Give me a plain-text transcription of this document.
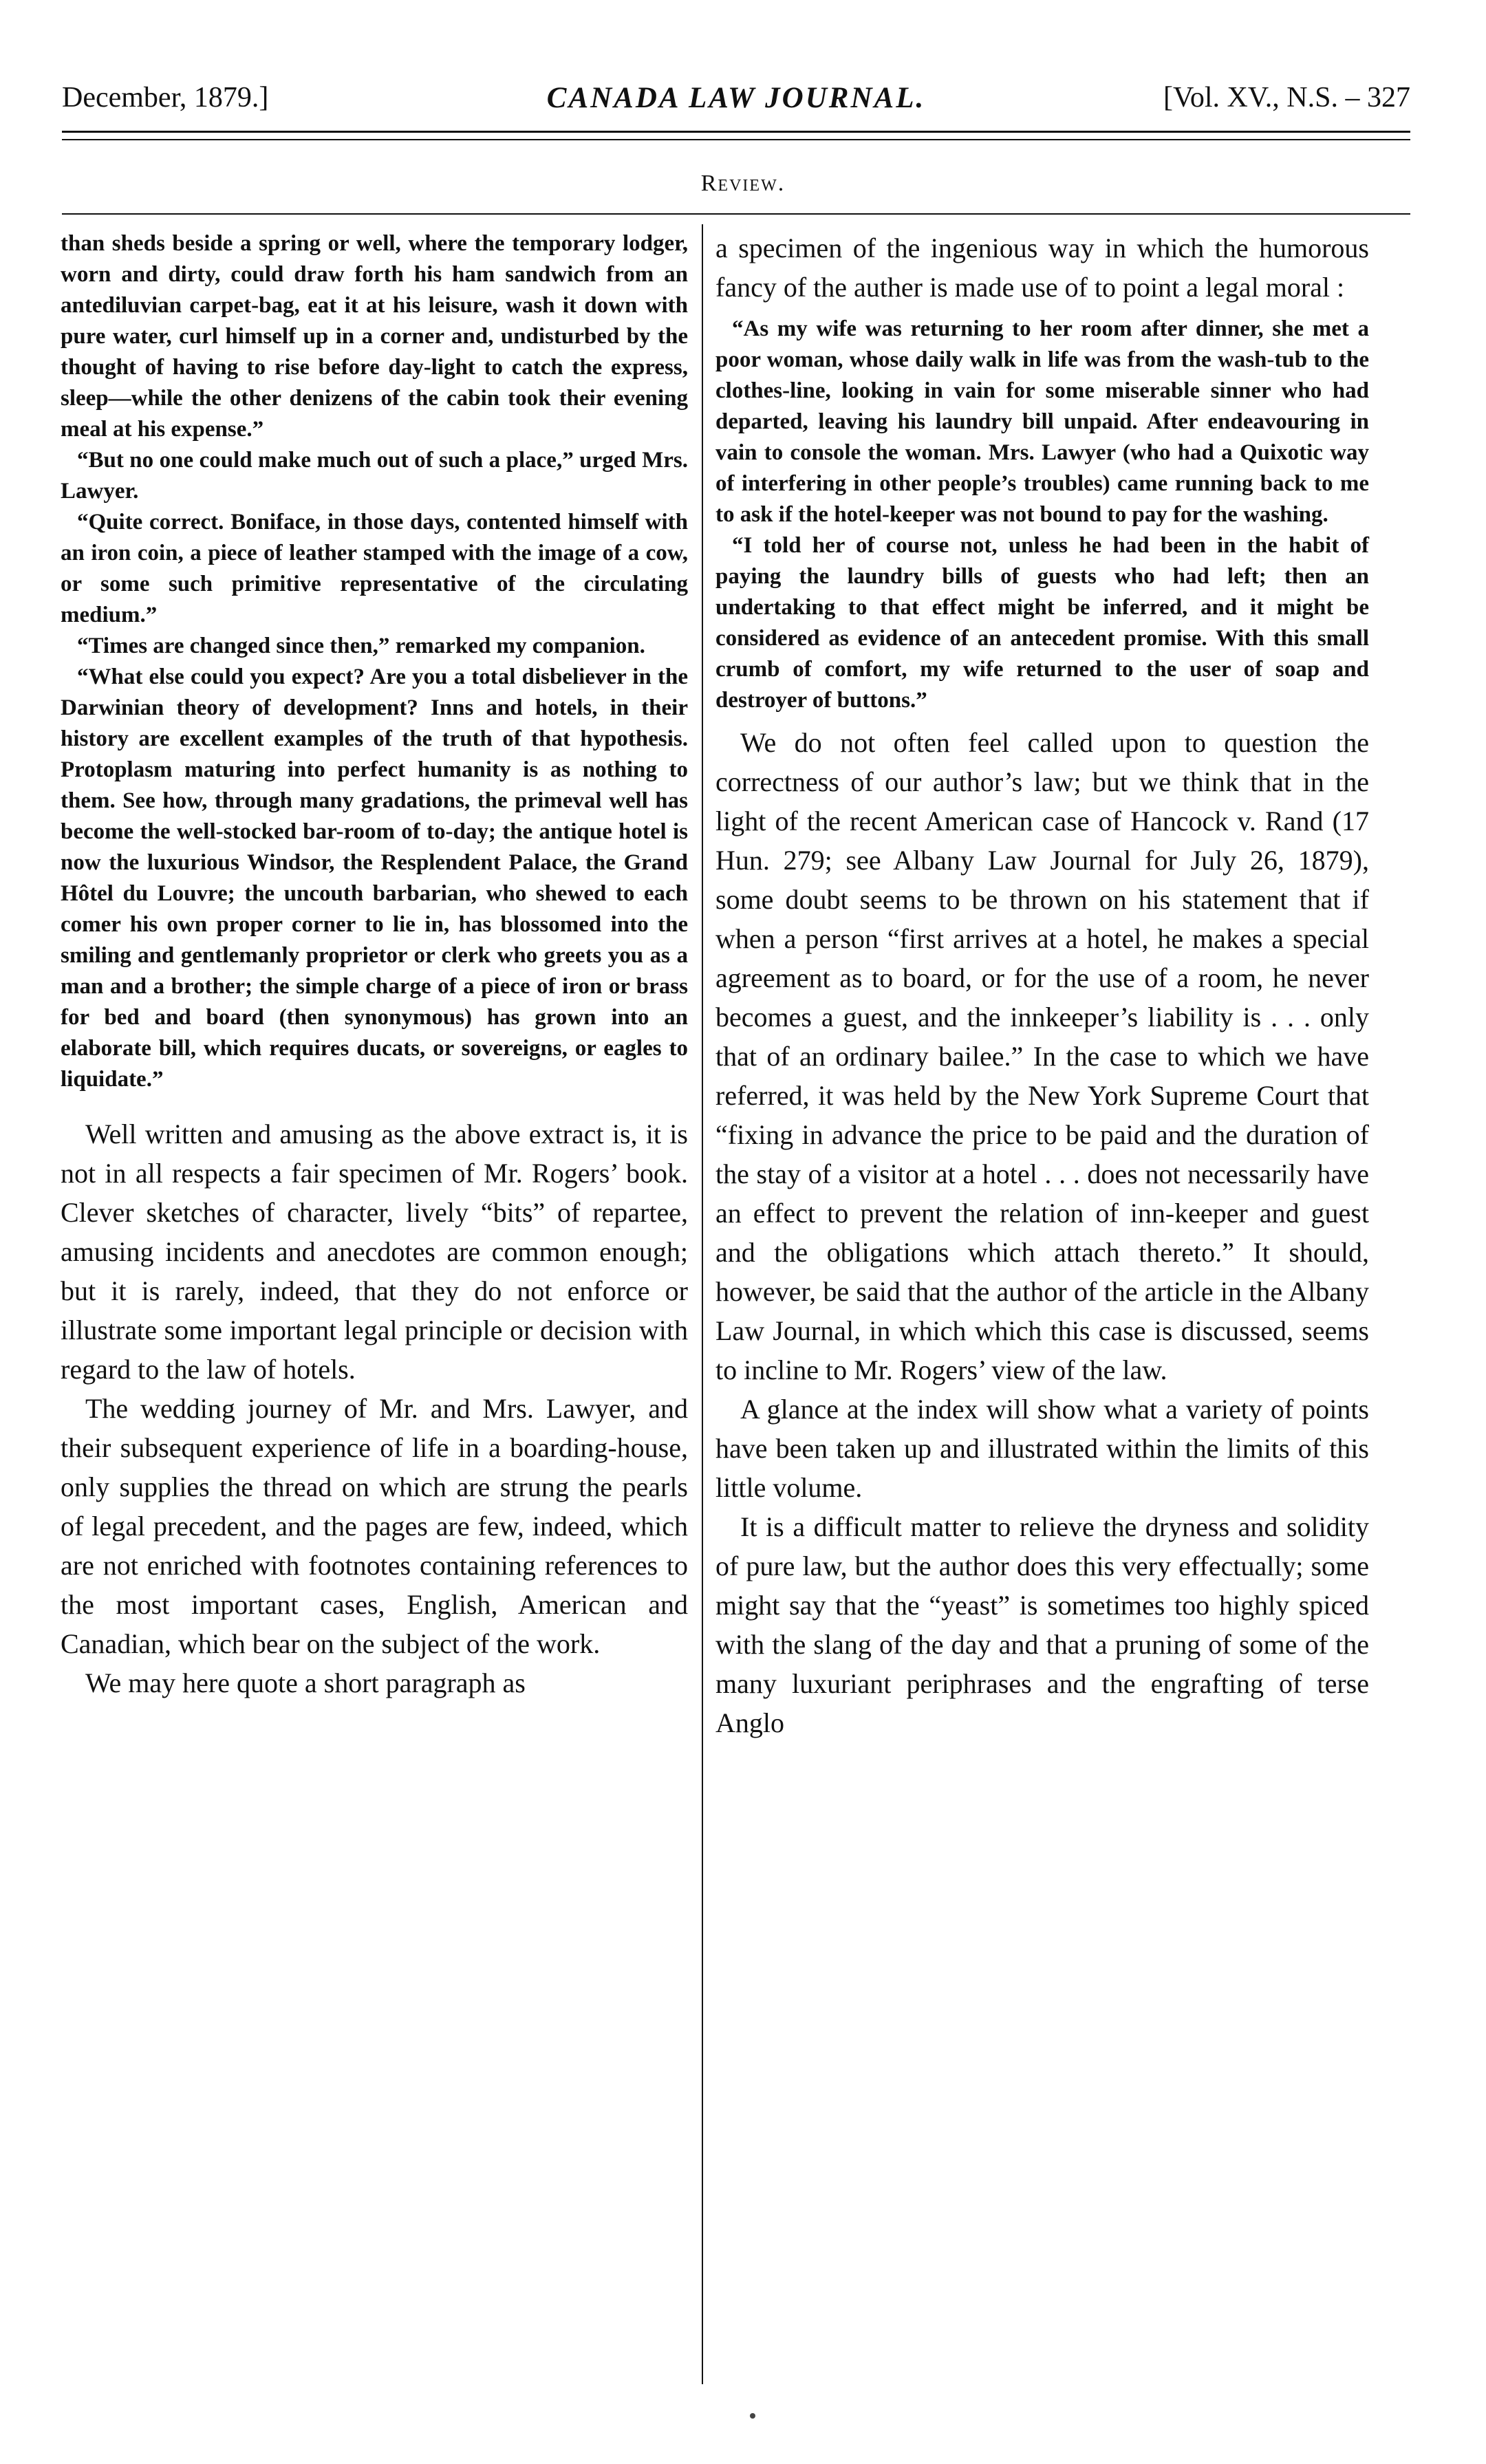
December, 1879.]	CANADA LAW JOURNAL.	[Vol. XV., N.S. – 327
Review.

than sheds beside a spring or well, where the temporary lodger, worn and dirty, could draw forth his ham sandwich from an antediluvian carpet-bag, eat it at his leisure, wash it down with pure water, curl himself up in a corner and, undisturbed by the thought of having to rise before day-light to catch the express, sleep—while the other denizens of the cabin took their evening meal at his expense.”

“But no one could make much out of such a place,” urged Mrs. Lawyer.

“Quite correct. Boniface, in those days, contented himself with an iron coin, a piece of leather stamped with the image of a cow, or some such primitive representative of the circulating medium.”

“Times are changed since then,” remarked my companion.

“What else could you expect? Are you a total disbeliever in the Darwinian theory of development? Inns and hotels, in their history are excellent examples of the truth of that hypothesis. Protoplasm maturing into perfect humanity is as nothing to them. See how, through many gradations, the primeval well has become the well-stocked bar-room of to-day; the antique hotel is now the luxurious Windsor, the Resplendent Palace, the Grand Hôtel du Louvre; the uncouth barbarian, who shewed to each comer his own proper corner to lie in, has blossomed into the smiling and gentlemanly proprietor or clerk who greets you as a man and a brother; the simple charge of a piece of iron or brass for bed and board (then synonymous) has grown into an elaborate bill, which requires ducats, or sovereigns, or eagles to liquidate.”

Well written and amusing as the above extract is, it is not in all respects a fair specimen of Mr. Rogers’ book. Clever sketches of character, lively “bits” of repartee, amusing incidents and anecdotes are common enough; but it is rarely, indeed, that they do not enforce or illustrate some important legal principle or decision with regard to the law of hotels.

The wedding journey of Mr. and Mrs. Lawyer, and their subsequent experience of life in a boarding-house, only supplies the thread on which are strung the pearls of legal precedent, and the pages are few, indeed, which are not enriched with footnotes containing references to the most important cases, English, American and Canadian, which bear on the subject of the work.

We may here quote a short paragraph as

a specimen of the ingenious way in which the humorous fancy of the auther is made use of to point a legal moral :

“As my wife was returning to her room after dinner, she met a poor woman, whose daily walk in life was from the wash-tub to the clothes-line, looking in vain for some miserable sinner who had departed, leaving his laundry bill unpaid. After endeavouring in vain to console the woman. Mrs. Lawyer (who had a Quixotic way of interfering in other people’s troubles) came running back to me to ask if the hotel-keeper was not bound to pay for the washing.

“I told her of course not, unless he had been in the habit of paying the laundry bills of guests who had left; then an undertaking to that effect might be inferred, and it might be considered as evidence of an antecedent promise. With this small crumb of comfort, my wife returned to the user of soap and destroyer of buttons.”

We do not often feel called upon to question the correctness of our author’s law; but we think that in the light of the recent American case of Hancock v. Rand (17 Hun. 279; see Albany Law Journal for July 26, 1879), some doubt seems to be thrown on his statement that if when a person “first arrives at a hotel, he makes a special agreement as to board, or for the use of a room, he never becomes a guest, and the innkeeper’s liability is . . . only that of an ordinary bailee.” In the case to which we have referred, it was held by the New York Supreme Court that “fixing in advance the price to be paid and the duration of the stay of a visitor at a hotel . . . does not necessarily have an effect to prevent the relation of inn-keeper and guest and the obligations which attach thereto.” It should, however, be said that the author of the article in the Albany Law Journal, in which which this case is discussed, seems to incline to Mr. Rogers’ view of the law.

A glance at the index will show what a variety of points have been taken up and illustrated within the limits of this little volume.

It is a difficult matter to relieve the dryness and solidity of pure law, but the author does this very effectually; some might say that the “yeast” is sometimes too highly spiced with the slang of the day and that a pruning of some of the many luxuriant periphrases and the engrafting of terse Anglo
